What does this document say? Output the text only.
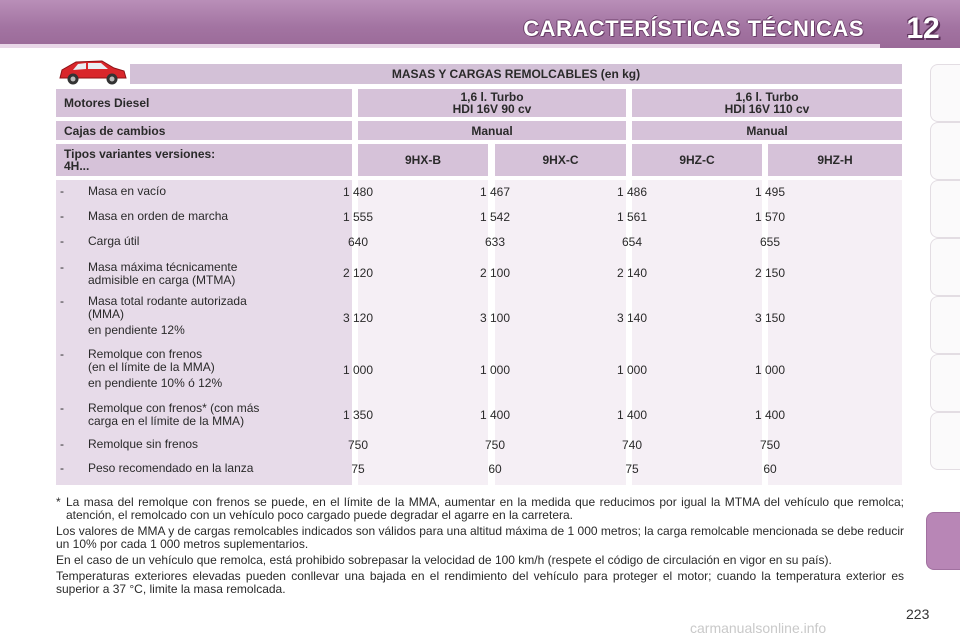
CARACTERÍSTICAS TÉCNICAS 12
MASAS Y CARGAS REMOLCABLES (en kg)
Motores Diesel	1,6 l. Turbo
HDI 16V 90 cv
1,6 l. Turbo
HDI 16V 110 cv
Cajas de cambios	Manual	Manual
Tipos variantes versiones:
4H...	9HX-B	9HX-C	9HZ-C	9HZ-H
- Masa en vacío	1 480	1 467	1 486	1 495
- Masa en orden de marcha	1 555	1 542	1 561	1 570
- Carga útil	640	633	654	655
- Masa máxima técnicamente
admisible en carga (MTMA)	2 120	2 100	2 140	2 150
- Masa total rodante autorizada
(MMA)
en pendiente 12%
3 120	3 100	3 140	3 150
- Remolque con frenos
(en el límite de la MMA)
en pendiente 10% ó 12%
1 000	1 000	1 000	1 000
- Remolque con frenos* (con más
carga en el límite de la MMA)	1 350	1 400	1 400	1 400
- Remolque sin frenos	750	750	740	750
- Peso recomendado en la lanza	75	60	75	60

* La masa del remolque con frenos se puede, en el límite de la MMA, aumentar en la medida que reducimos por igual la MTMA del vehículo que remolca; atención, el remolcado con un vehículo poco cargado puede degradar el agarre en la carretera.

Los valores de MMA y de cargas remolcables indicados son válidos para una altitud máxima de 1 000 metros; la carga remolcable mencionada se debe reducir un 10% por cada 1 000 metros suplementarios.

En el caso de un vehículo que remolca, está prohibido sobrepasar la velocidad de 100 km/h (respete el código de circulación en vigor en su país).

Temperaturas exteriores elevadas pueden conllevar una bajada en el rendimiento del vehículo para proteger el motor; cuando la temperatura exterior es superior a 37 °C, limite la masa remolcada.

223
carmanualsonline.info
